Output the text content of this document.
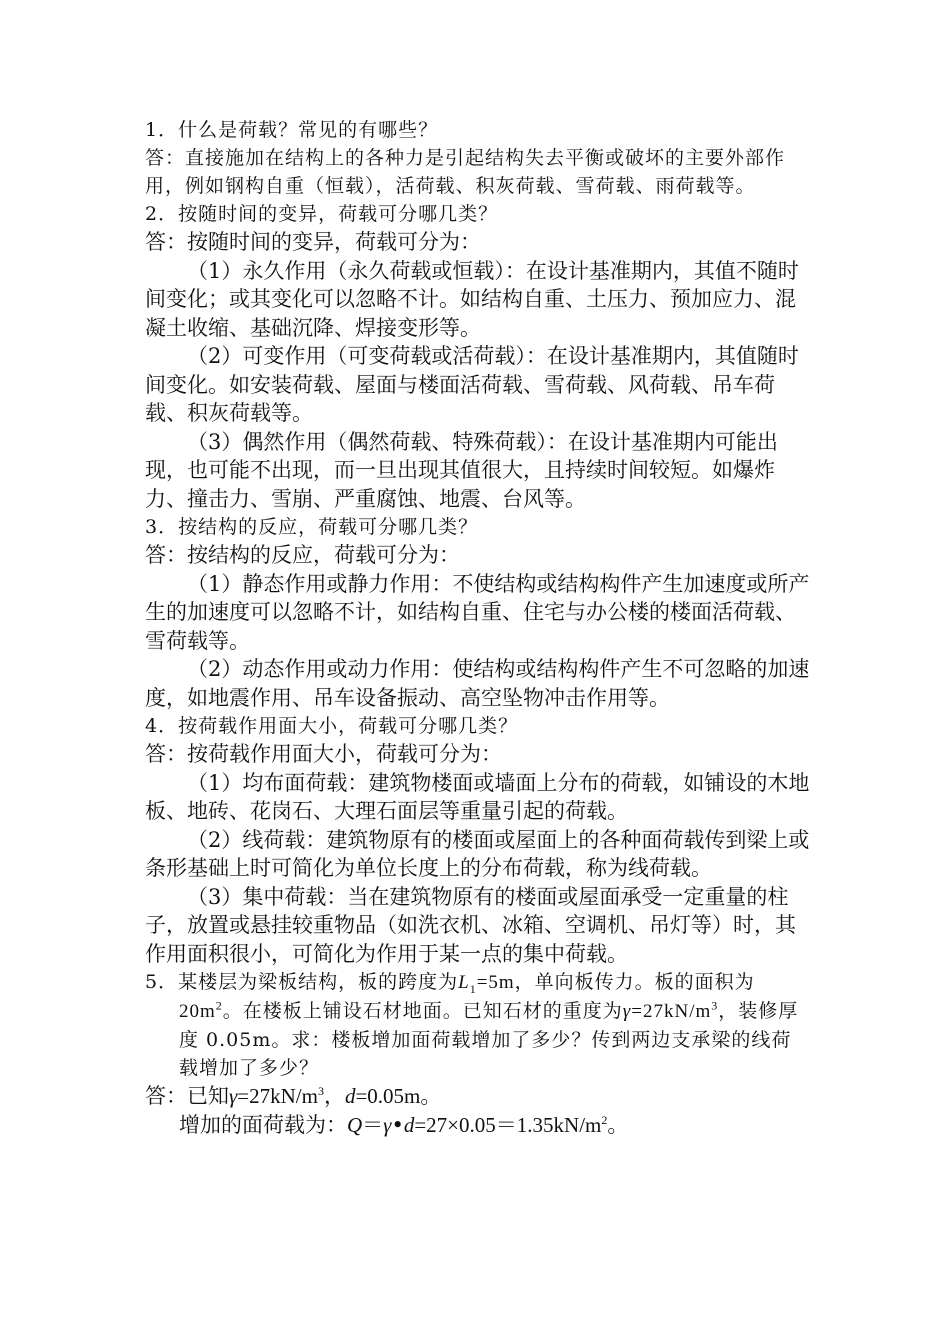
1．什么是荷载？常见的有哪些？

答：直接施加在结构上的各种力是引起结构失去平衡或破坏的主要外部作用，例如钢构自重（恒载），活荷载、积灰荷载、雪荷载、雨荷载等。

2．按随时间的变异，荷载可分哪几类？

答：按随时间的变异，荷载可分为：

（1）永久作用（永久荷载或恒载）：在设计基准期内，其值不随时间变化；或其变化可以忽略不计。如结构自重、土压力、预加应力、混凝土收缩、基础沉降、焊接变形等。

（2）可变作用（可变荷载或活荷载）：在设计基准期内，其值随时间变化。如安装荷载、屋面与楼面活荷载、雪荷载、风荷载、吊车荷载、积灰荷载等。

（3）偶然作用（偶然荷载、特殊荷载）：在设计基准期内可能出现，也可能不出现，而一旦出现其值很大，且持续时间较短。如爆炸力、撞击力、雪崩、严重腐蚀、地震、台风等。

3．按结构的反应，荷载可分哪几类？

答：按结构的反应，荷载可分为：

（1）静态作用或静力作用：不使结构或结构构件产生加速度或所产生的加速度可以忽略不计，如结构自重、住宅与办公楼的楼面活荷载、雪荷载等。

（2）动态作用或动力作用：使结构或结构构件产生不可忽略的加速度，如地震作用、吊车设备振动、高空坠物冲击作用等。

4．按荷载作用面大小，荷载可分哪几类？

答：按荷载作用面大小，荷载可分为：

（1）均布面荷载：建筑物楼面或墙面上分布的荷载，如铺设的木地板、地砖、花岗石、大理石面层等重量引起的荷载。

（2）线荷载：建筑物原有的楼面或屋面上的各种面荷载传到梁上或条形基础上时可简化为单位长度上的分布荷载，称为线荷载。

（3）集中荷载：当在建筑物原有的楼面或屋面承受一定重量的柱子，放置或悬挂较重物品（如洗衣机、冰箱、空调机、吊灯等）时，其作用面积很小，可简化为作用于某一点的集中荷载。

5．某楼层为梁板结构，板的跨度为$L_1=5m$，单向板传力。板的面积为 $20m^2$。在楼板上铺设石材地面。已知石材的重度为$\gamma=27kN/m^3$，装修厚度 0.05m。求：楼板增加面荷载增加了多少？传到两边支承梁的线荷载增加了多少？

答：已知$\gamma=27kN/m^3$，d=0.05m。

增加的面荷载为：$Q=\gamma•d=27\times 0.05=1.35kN/m^2$。
